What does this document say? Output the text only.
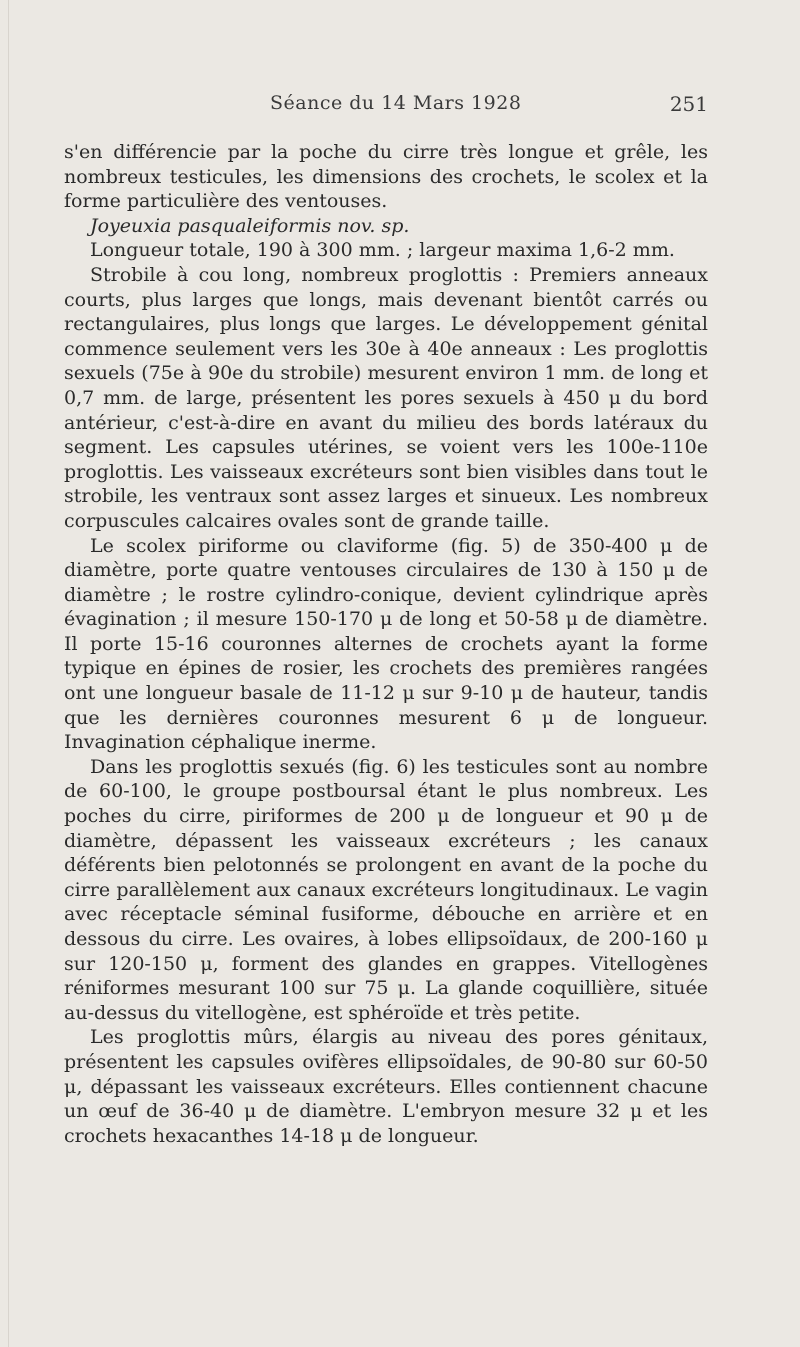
Séance du 14 Mars 1928	251

s'en différencie par la poche du cirre très longue et grêle, les nombreux testicules, les dimensions des crochets, le scolex et la forme particulière des ventouses.

Joyeuxia pasqualeiformis nov. sp.

Longueur totale, 190 à 300 mm. ; largeur maxima 1,6-2 mm.

Strobile à cou long, nombreux proglottis : Premiers anneaux courts, plus larges que longs, mais devenant bientôt carrés ou rectangulaires, plus longs que larges. Le développement génital commence seulement vers les 30e à 40e anneaux : Les proglottis sexuels (75e à 90e du strobile) mesurent environ 1 mm. de long et 0,7 mm. de large, présentent les pores sexuels à 450 μ du bord antérieur, c'est-à-dire en avant du milieu des bords latéraux du segment. Les capsules utérines, se voient vers les 100e-110e proglottis. Les vaisseaux excréteurs sont bien visibles dans tout le strobile, les ventraux sont assez larges et sinueux. Les nombreux corpuscules calcaires ovales sont de grande taille.

Le scolex piriforme ou claviforme (fig. 5) de 350-400 μ de diamètre, porte quatre ventouses circulaires de 130 à 150 μ de diamètre ; le rostre cylindro-conique, devient cylindrique après évagination ; il mesure 150-170 μ de long et 50-58 μ de diamètre. Il porte 15-16 couronnes alternes de crochets ayant la forme typique en épines de rosier, les crochets des premières rangées ont une longueur basale de 11-12 μ sur 9-10 μ de hauteur, tandis que les dernières couronnes mesurent 6 μ de longueur. Invagination céphalique inerme.

Dans les proglottis sexués (fig. 6) les testicules sont au nombre de 60-100, le groupe postboursal étant le plus nombreux. Les poches du cirre, piriformes de 200 μ de longueur et 90 μ de diamètre, dépassent les vaisseaux excréteurs ; les canaux déférents bien pelotonnés se prolongent en avant de la poche du cirre parallèlement aux canaux excréteurs longitudinaux. Le vagin avec réceptacle séminal fusiforme, débouche en arrière et en dessous du cirre. Les ovaires, à lobes ellipsoïdaux, de 200-160 μ sur 120-150 μ, forment des glandes en grappes. Vitellogènes réniformes mesurant 100 sur 75 μ. La glande coquillière, située au-dessus du vitellogène, est sphéroïde et très petite.

Les proglottis mûrs, élargis au niveau des pores génitaux, présentent les capsules ovifères ellipsoïdales, de 90-80 sur 60-50 μ, dépassant les vaisseaux excréteurs. Elles contiennent chacune un œuf de 36-40 μ de diamètre. L'embryon mesure 32 μ et les crochets hexacanthes 14-18 μ de longueur.
